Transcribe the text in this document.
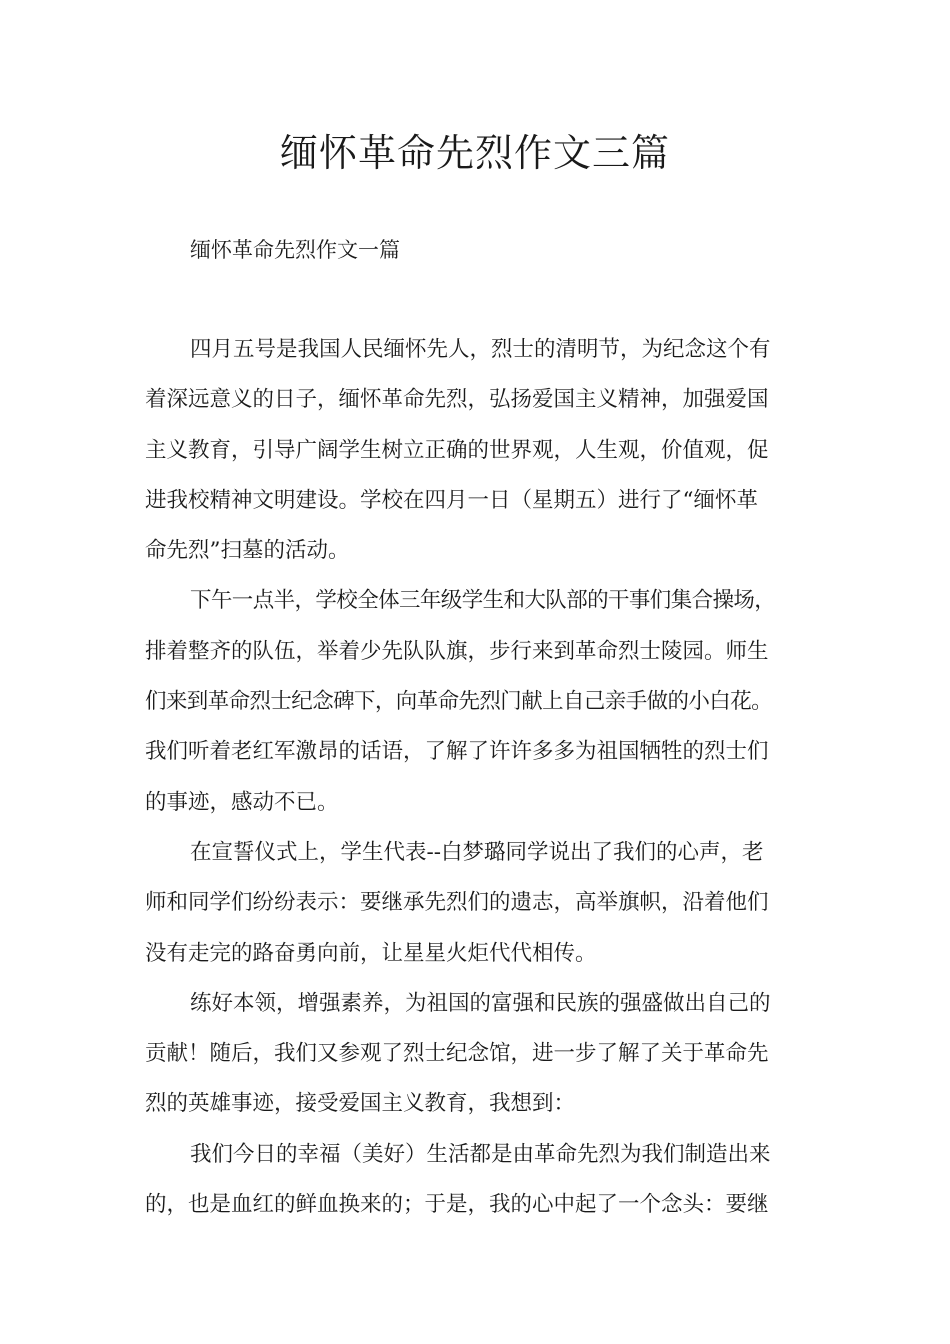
缅怀革命先烈作文三篇
缅怀革命先烈作文一篇
四月五号是我国人民缅怀先人，烈士的清明节，为纪念这个有
着深远意义的日子，缅怀革命先烈，弘扬爱国主义精神，加强爱国
主义教育，引导广阔学生树立正确的世界观，人生观，价值观，促
进我校精神文明建设。学校在四月一日（星期五）进行了“缅怀革
命先烈”扫墓的活动。
下午一点半，学校全体三年级学生和大队部的干事们集合操场，
排着整齐的队伍，举着少先队队旗，步行来到革命烈士陵园。师生
们来到革命烈士纪念碑下，向革命先烈门献上自己亲手做的小白花。
我们听着老红军激昂的话语，了解了许许多多为祖国牺牲的烈士们
的事迹，感动不已。
在宣誓仪式上，学生代表--白梦璐同学说出了我们的心声，老
师和同学们纷纷表示：要继承先烈们的遗志，高举旗帜，沿着他们
没有走完的路奋勇向前，让星星火炬代代相传。
练好本领，增强素养，为祖国的富强和民族的强盛做出自己的
贡献！随后，我们又参观了烈士纪念馆，进一步了解了关于革命先
烈的英雄事迹，接受爱国主义教育，我想到：
我们今日的幸福（美好）生活都是由革命先烈为我们制造出来
的，也是血红的鲜血换来的；于是，我的心中起了一个念头：要继
